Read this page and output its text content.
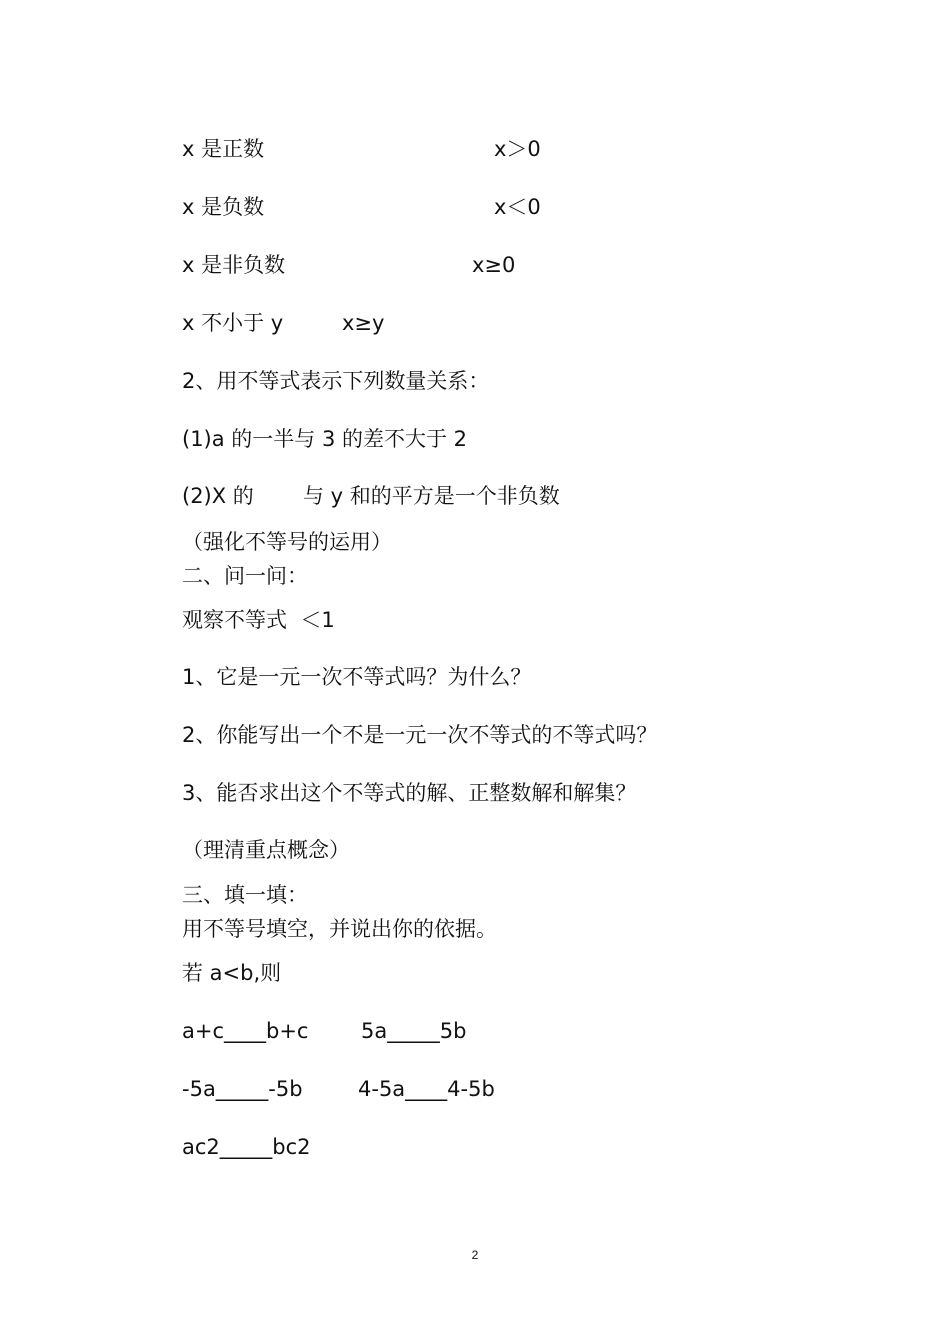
x 是正数	x＞0
x 是负数	x＜0
x 是非负数	x≥0
x 不小于 y	x≥y
2、用不等式表示下列数量关系：
(1)a 的一半与 3 的差不大于 2
(2)X 的 与 y 和的平方是一个非负数
（强化不等号的运用）
二、问一问：
观察不等式  ＜1
1、它是一元一次不等式吗？为什么？
2、你能写出一个不是一元一次不等式的不等式吗？
3、能否求出这个不等式的解、正整数解和解集？
（理清重点概念）
三、填一填：
用不等号填空，并说出你的依据。
若 a<b,则
a+c____b+c	5a_____5b
-5a_____-5b	4-5a____4-5b
ac2_____bc2
2
